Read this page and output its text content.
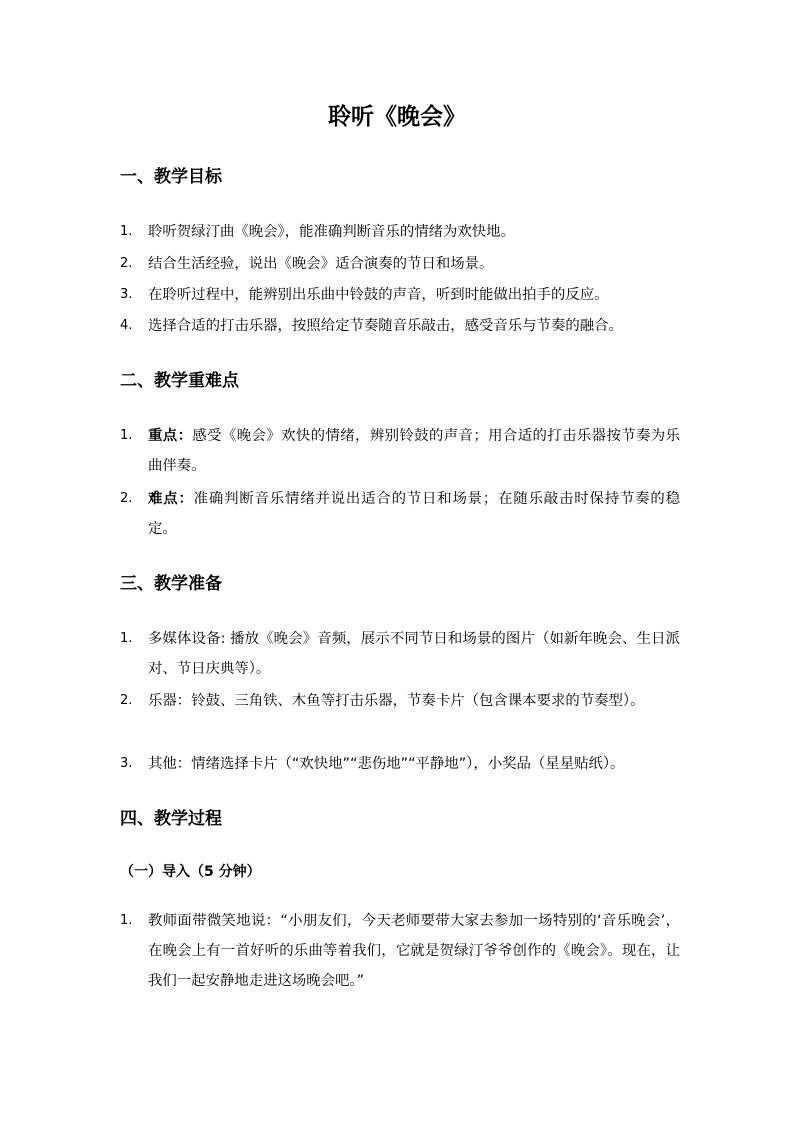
聆听《晚会》
一、教学目标
1. 聆听贺绿汀曲《晚会》，能准确判断音乐的情绪为欢快地。
2. 结合生活经验，说出《晚会》适合演奏的节日和场景。
3. 在聆听过程中，能辨别出乐曲中铃鼓的声音，听到时能做出拍手的反应。
4. 选择合适的打击乐器，按照给定节奏随音乐敲击，感受音乐与节奏的融合。
二、教学重难点
1. 重点：感受《晚会》欢快的情绪，辨别铃鼓的声音；用合适的打击乐器按节奏为乐曲伴奏。
2. 难点：准确判断音乐情绪并说出适合的节日和场景；在随乐敲击时保持节奏的稳定。
三、教学准备
1. 多媒体设备: 播放《晚会》音频，展示不同节日和场景的图片（如新年晚会、生日派对、节日庆典等）。
2. 乐器：铃鼓、三角铁、木鱼等打击乐器，节奏卡片（包含课本要求的节奏型）。
3. 其他：情绪选择卡片（“欢快地”“悲伤地”“平静地”），小奖品（星星贴纸）。
四、教学过程
（一）导入（5 分钟）
1. 教师面带微笑地说：“小朋友们，今天老师要带大家去参加一场特别的‘音乐晚会’，在晚会上有一首好听的乐曲等着我们，它就是贺绿汀爷爷创作的《晚会》。现在，让我们一起安静地走进这场晚会吧。”
